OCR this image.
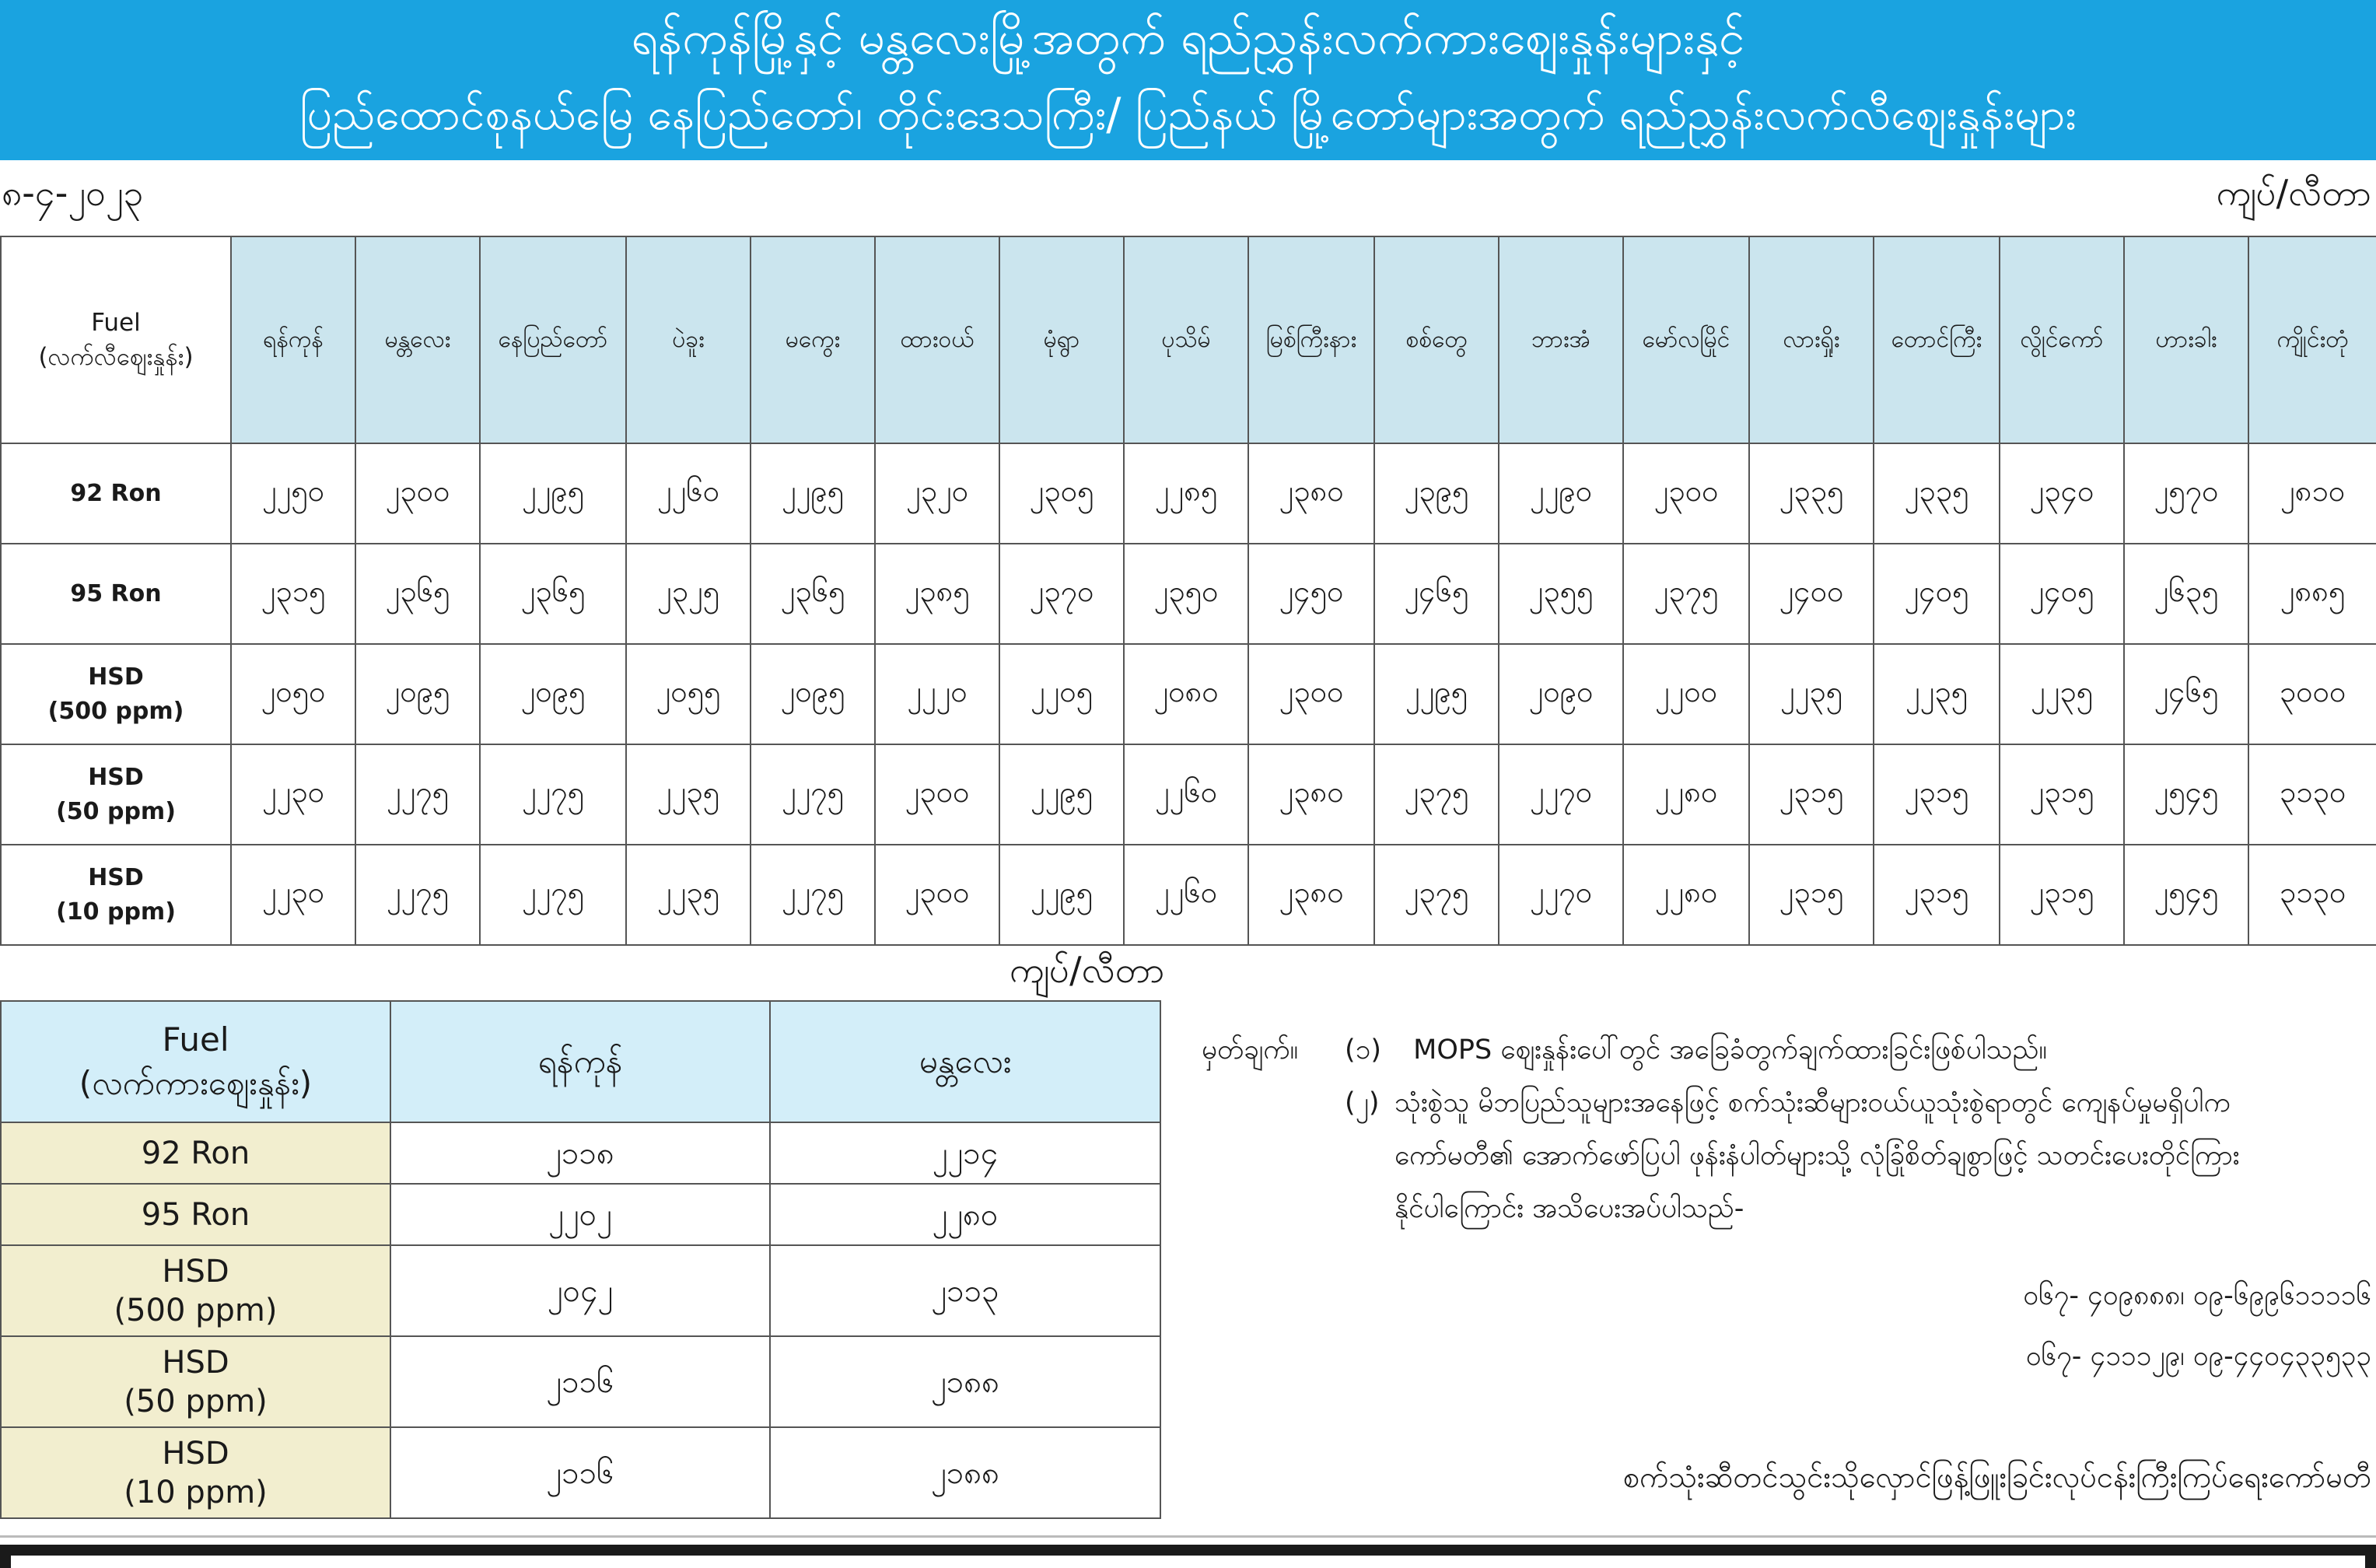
ရန်ကုန်မြို့နှင့် မန္တလေးမြို့အတွက် ရည်ညွှန်းလက်ကားဈေးနှုန်းများနှင့်
ပြည်ထောင်စုနယ်မြေ နေပြည်တော်၊ တိုင်းဒေသကြီး/ ပြည်နယ် မြို့တော်များအတွက် ရည်ညွှန်းလက်လီဈေးနှုန်းများ
၈-၄-၂၀၂၃	ကျပ်/လီတာ
Fuel
(လက်လီဈေးနှုန်း)	ရန်ကုန်	မန္တလေး	နေပြည်တော်	ပဲခူး	မကွေး	ထားဝယ်	မုံရွာ	ပုသိမ်	မြစ်ကြီးနား	စစ်တွေ	ဘားအံ	မော်လမြိုင်	လားရှိုး	တောင်ကြီး	လွိုင်ကော်	ဟားခါး	ကျိုင်းတုံ

92 Ron	၂၂၅၀	၂၃၀၀	၂၂၉၅	၂၂၆၀	၂၂၉၅	၂၃၂၀	၂၃၀၅	၂၂၈၅	၂၃၈၀	၂၃၉၅	၂၂၉၀	၂၃၀၀	၂၃၃၅	၂၃၃၅	၂၃၄၀	၂၅၇၀	၂၈၁၀

95 Ron	၂၃၁၅	၂၃၆၅	၂၃၆၅	၂၃၂၅	၂၃၆၅	၂၃၈၅	၂၃၇၀	၂၃၅၀	၂၄၅၀	၂၄၆၅	၂၃၅၅	၂၃၇၅	၂၄၀၀	၂၄၀၅	၂၄၀၅	၂၆၃၅	၂၈၈၅

HSD
(500 ppm)	၂၀၅၀	၂၀၉၅	၂၀၉၅	၂၀၅၅	၂၀၉၅	၂၂၂၀	၂၂၀၅	၂၀၈၀	၂၃၀၀	၂၂၉၅	၂၀၉၀	၂၂၀၀	၂၂၃၅	၂၂၃၅	၂၂၃၅	၂၄၆၅	၃၀၀၀

HSD
(50 ppm)	၂၂၃၀	၂၂၇၅	၂၂၇၅	၂၂၃၅	၂၂၇၅	၂၃၀၀	၂၂၉၅	၂၂၆၀	၂၃၈၀	၂၃၇၅	၂၂၇၀	၂၂၈၀	၂၃၁၅	၂၃၁၅	၂၃၁၅	၂၅၄၅	၃၁၃၀

HSD
(10 ppm)	၂၂၃၀	၂၂၇၅	၂၂၇၅	၂၂၃၅	၂၂၇၅	၂၃၀၀	၂၂၉၅	၂၂၆၀	၂၃၈၀	၂၃၇၅	၂၂၇၀	၂၂၈၀	၂၃၁၅	၂၃၁၅	၂၃၁၅	၂၅၄၅	၃၁၃၀
ကျပ်/လီတာ
Fuel
(လက်ကားဈေးနှုန်း)	ရန်ကုန်	မန္တလေး

92 Ron	၂၁၁၈	၂၂၁၄

95 Ron	၂၂၀၂	၂၂၈၀

HSD
(500 ppm)	၂၀၄၂	၂၁၁၃

HSD
(50 ppm)	၂၁၁၆	၂၁၈၈

HSD
(10 ppm)	၂၁၁၆	၂၁၈၈
မှတ်ချက်။ (၁) MOPS ဈေးနှုန်းပေါ်တွင် အခြေခံတွက်ချက်ထားခြင်းဖြစ်ပါသည်။
(၂) သုံးစွဲသူ မိဘပြည်သူများအနေဖြင့် စက်သုံးဆီများဝယ်ယူသုံးစွဲရာတွင် ကျေနပ်မှုမရှိပါက
ကော်မတီ၏ အောက်ဖော်ပြပါ ဖုန်းနံပါတ်များသို့ လုံခြုံစိတ်ချစွာဖြင့် သတင်းပေးတိုင်ကြား
နိုင်ပါကြောင်း အသိပေးအပ်ပါသည်-
၀၆၇- ၄၀၉၈၈၈၊ ၀၉-၆၉၉၆၁၁၁၁၆
၀၆၇- ၄၁၁၁၂၉၊ ၀၉-၄၄၀၄၃၃၅၃၃
စက်သုံးဆီတင်သွင်းသိုလှောင်ဖြန့်ဖြူးခြင်းလုပ်ငန်းကြီးကြပ်ရေးကော်မတီ
